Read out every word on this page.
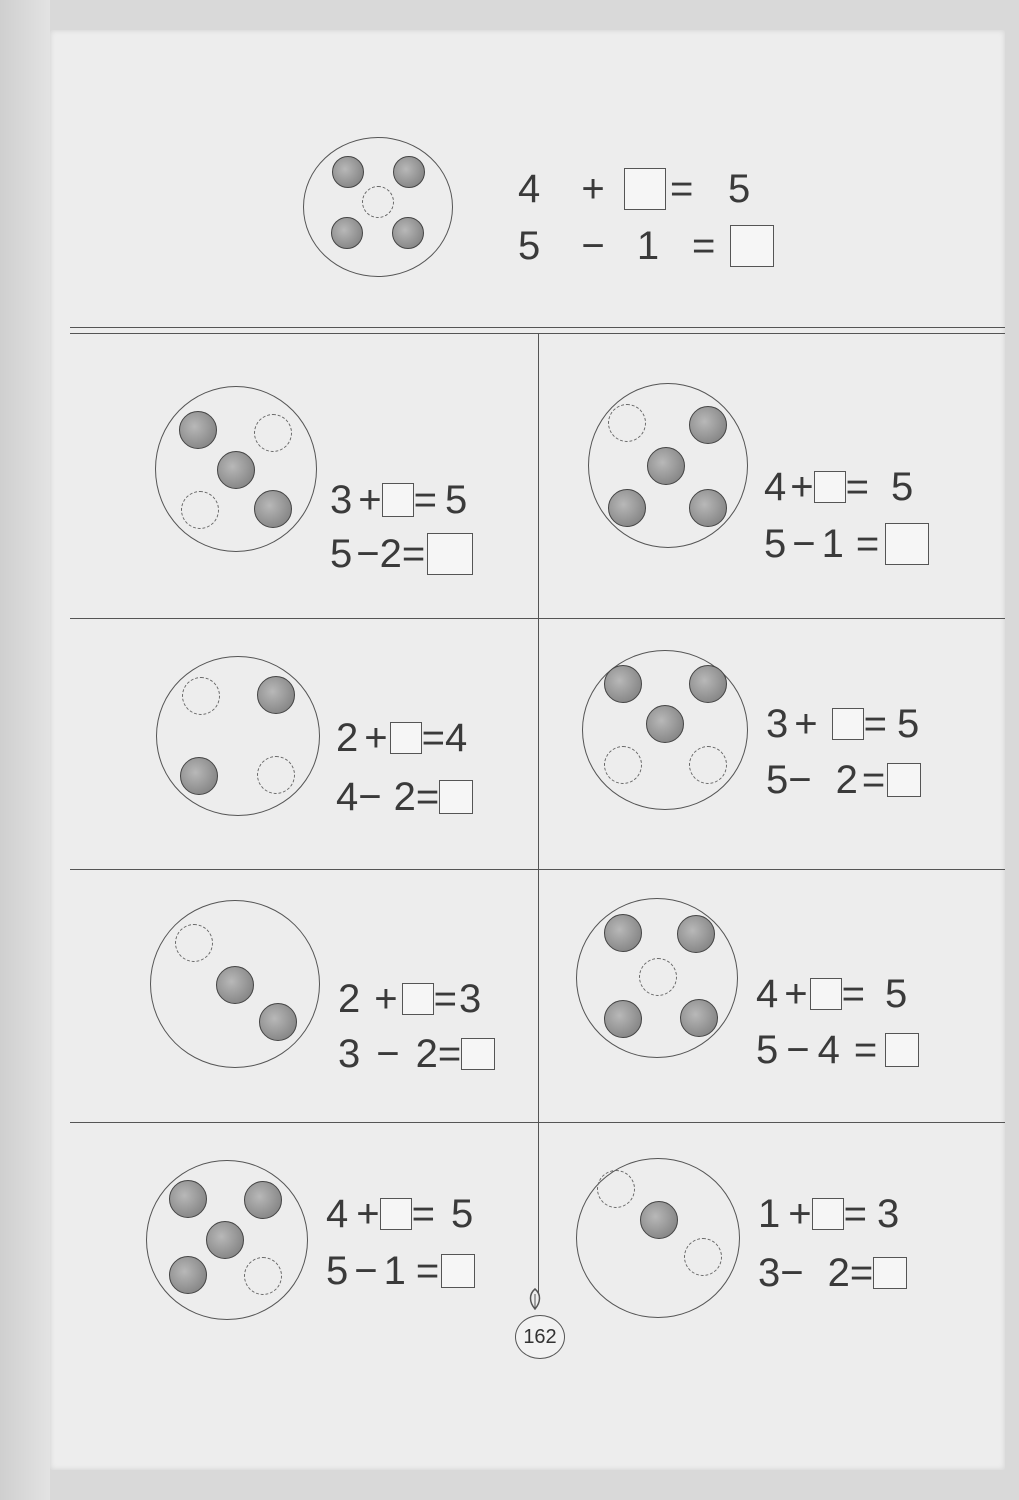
4	+	= 5
5	− 1 =
3 + = 5
5 − 2 =
4 + = 5
5 − 1 =
2 + = 4
4 − 2 =
3 + = 5
5 − 2 =
2 + = 3
3 − 2 =
4 + = 5
5 − 4 =
4 + = 5
5 − 1 =
1 + = 3
3 − 2 =
162
